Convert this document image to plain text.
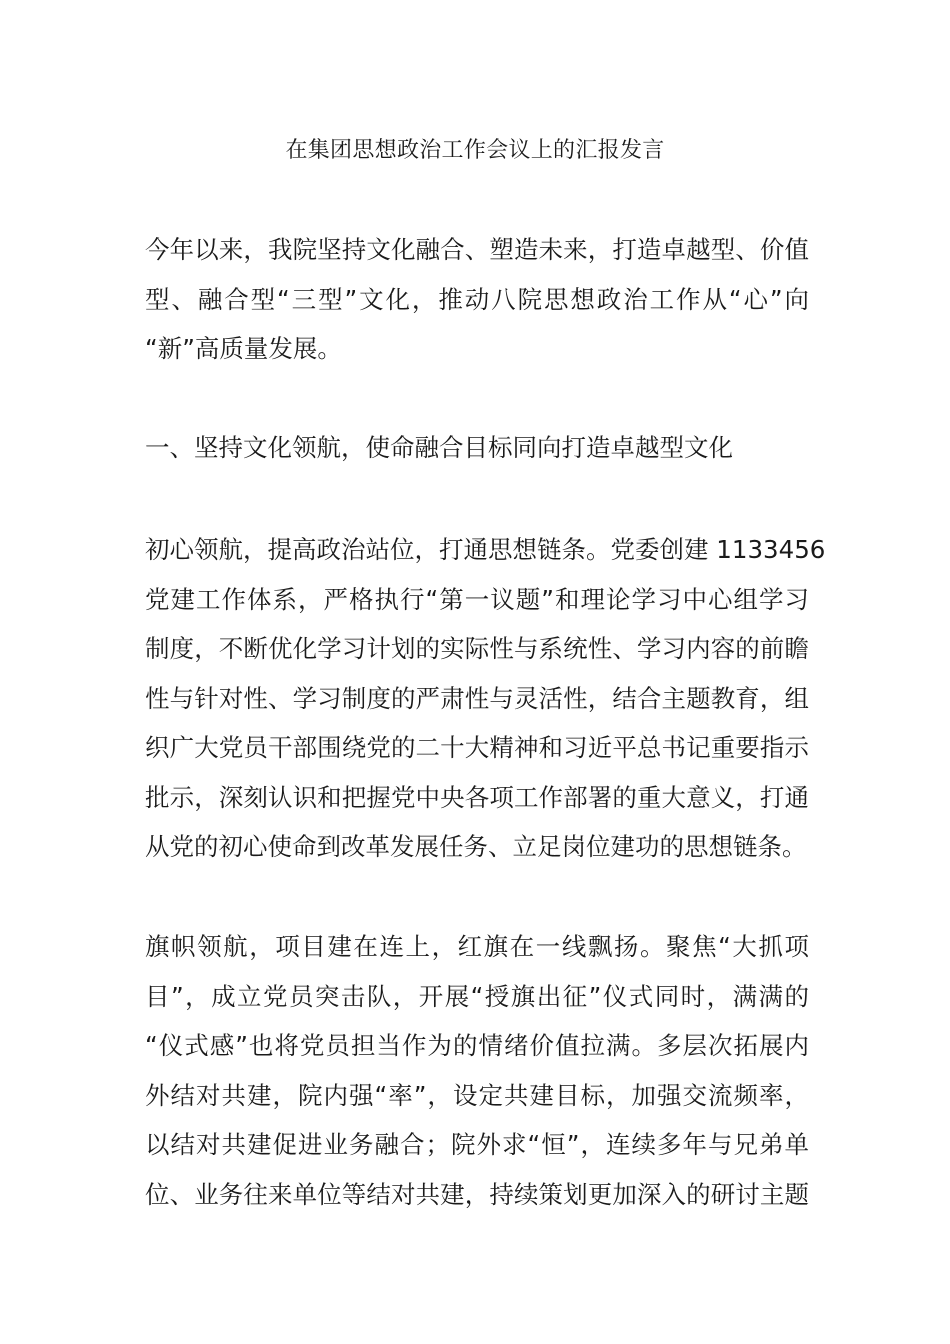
在集团思想政治工作会议上的汇报发言

今年以来，我院坚持文化融合、塑造未来，打造卓越型、价值
型、融合型“三型”文化，推动八院思想政治工作从“心”向
“新”高质量发展。

一、坚持文化领航，使命融合目标同向打造卓越型文化

初心领航，提高政治站位，打通思想链条。党委创建 1133456
党建工作体系，严格执行“第一议题”和理论学习中心组学习
制度，不断优化学习计划的实际性与系统性、学习内容的前瞻
性与针对性、学习制度的严肃性与灵活性，结合主题教育，组
织广大党员干部围绕党的二十大精神和习近平总书记重要指示
批示，深刻认识和把握党中央各项工作部署的重大意义，打通
从党的初心使命到改革发展任务、立足岗位建功的思想链条。

旗帜领航，项目建在连上，红旗在一线飘扬。聚焦“大抓项
目”，成立党员突击队，开展“授旗出征”仪式同时，满满的
“仪式感”也将党员担当作为的情绪价值拉满。多层次拓展内
外结对共建，院内强“率”，设定共建目标，加强交流频率，
以结对共建促进业务融合；院外求“恒”，连续多年与兄弟单
位、业务往来单位等结对共建，持续策划更加深入的研讨主题
